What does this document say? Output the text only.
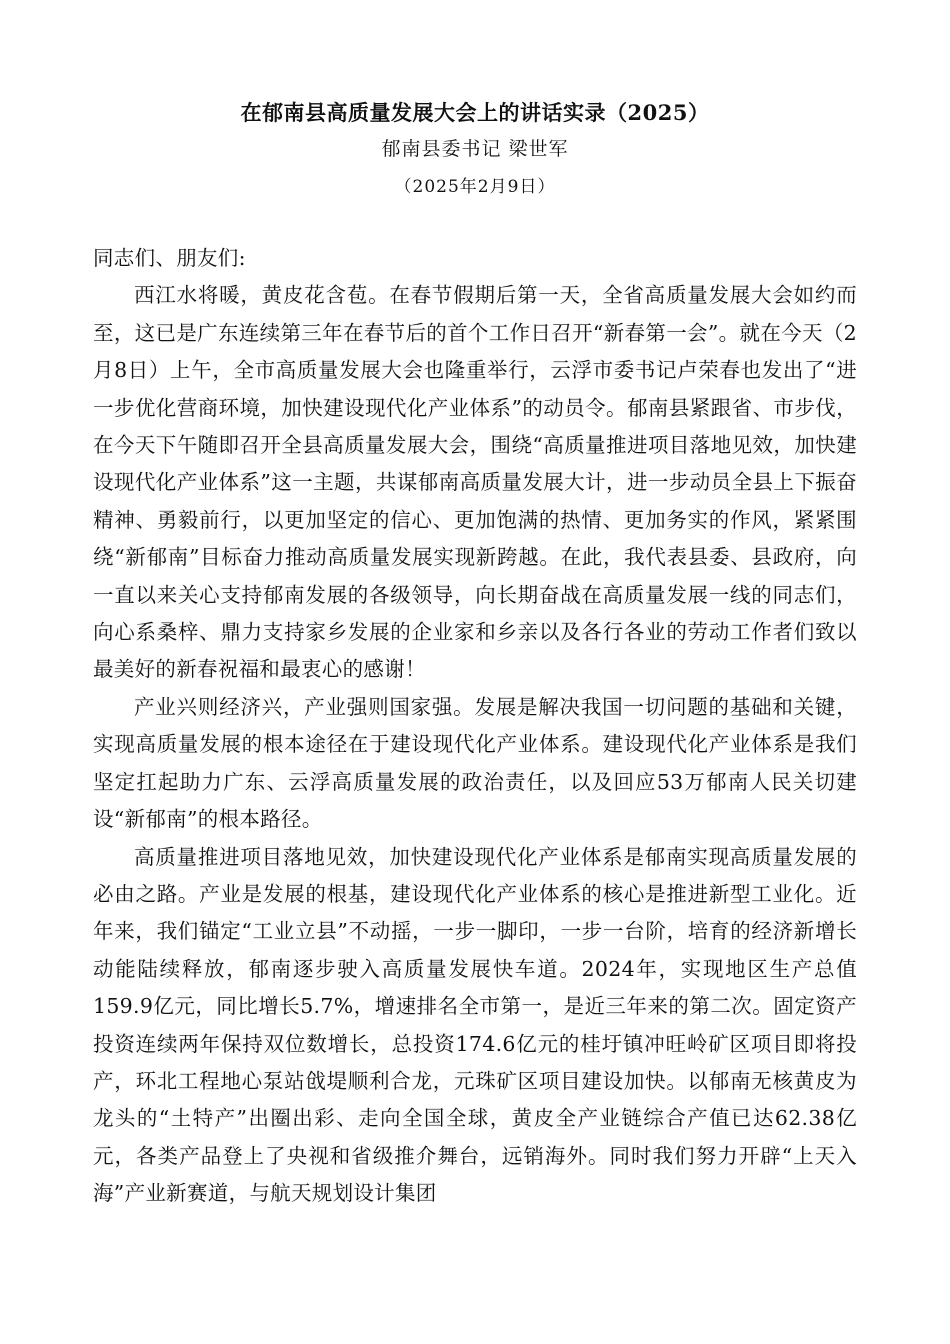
在郁南县高质量发展大会上的讲话实录（2025）
郁南县委书记 梁世军
（2025年2月9日）

同志们、朋友们:

西江水将暖，黄皮花含苞。在春节假期后第一天，全省高质量发展大会如约而至，这已是广东连续第三年在春节后的首个工作日召开“新春第一会”。就在今天（2月8日）上午，全市高质量发展大会也隆重举行，云浮市委书记卢荣春也发出了“进一步优化营商环境，加快建设现代化产业体系”的动员令。郁南县紧跟省、市步伐，在今天下午随即召开全县高质量发展大会，围绕“高质量推进项目落地见效，加快建设现代化产业体系”这一主题，共谋郁南高质量发展大计，进一步动员全县上下振奋精神、勇毅前行，以更加坚定的信心、更加饱满的热情、更加务实的作风，紧紧围绕“新郁南”目标奋力推动高质量发展实现新跨越。在此，我代表县委、县政府，向一直以来关心支持郁南发展的各级领导，向长期奋战在高质量发展一线的同志们，向心系桑梓、鼎力支持家乡发展的企业家和乡亲以及各行各业的劳动工作者们致以最美好的新春祝福和最衷心的感谢！

产业兴则经济兴，产业强则国家强。发展是解决我国一切问题的基础和关键，实现高质量发展的根本途径在于建设现代化产业体系。建设现代化产业体系是我们坚定扛起助力广东、云浮高质量发展的政治责任，以及回应53万郁南人民关切建设“新郁南”的根本路径。

高质量推进项目落地见效，加快建设现代化产业体系是郁南实现高质量发展的必由之路。产业是发展的根基，建设现代化产业体系的核心是推进新型工业化。近年来，我们锚定“工业立县”不动摇，一步一脚印，一步一台阶，培育的经济新增长动能陆续释放，郁南逐步驶入高质量发展快车道。2024年，实现地区生产总值159.9亿元，同比增长5.7%，增速排名全市第一，是近三年来的第二次。固定资产投资连续两年保持双位数增长，总投资174.6亿元的桂圩镇冲旺岭矿区项目即将投产，环北工程地心泵站戗堤顺利合龙，元珠矿区项目建设加快。以郁南无核黄皮为龙头的“土特产”出圈出彩、走向全国全球，黄皮全产业链综合产值已达62.38亿元，各类产品登上了央视和省级推介舞台，远销海外。同时我们努力开辟“上天入海”产业新赛道，与航天规划设计集团
